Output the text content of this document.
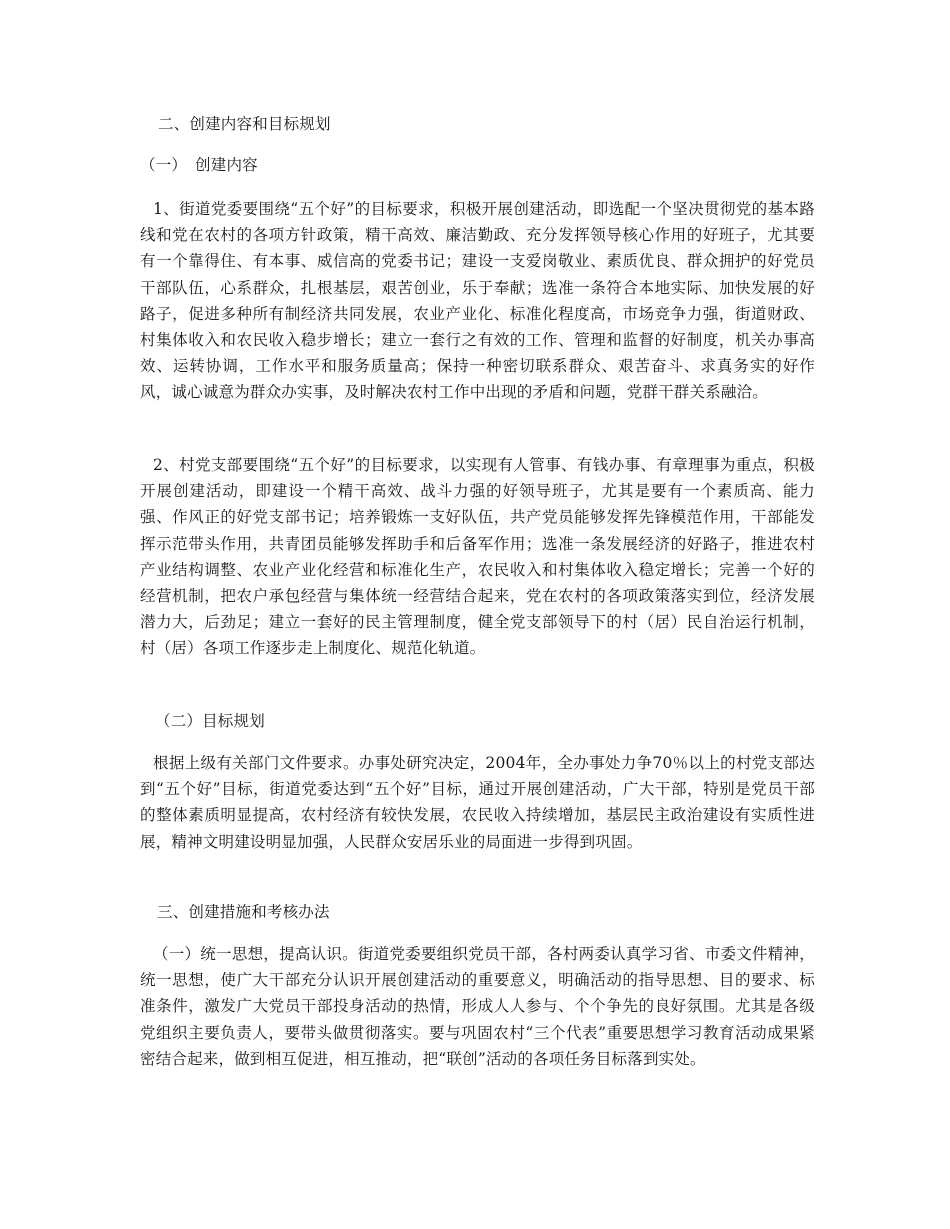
二、创建内容和目标规划

（一）　创建内容

1、街道党委要围绕“五个好”的目标要求，积极开展创建活动，即选配一个坚决贯彻党的基本路线和党在农村的各项方针政策，精干高效、廉洁勤政、充分发挥领导核心作用的好班子，尤其要有一个靠得住、有本事、威信高的党委书记；建设一支爱岗敬业、素质优良、群众拥护的好党员干部队伍，心系群众，扎根基层，艰苦创业，乐于奉献；选准一条符合本地实际、加快发展的好路子，促进多种所有制经济共同发展，农业产业化、标准化程度高，市场竞争力强，街道财政、村集体收入和农民收入稳步增长；建立一套行之有效的工作、管理和监督的好制度，机关办事高效、运转协调，工作水平和服务质量高；保持一种密切联系群众、艰苦奋斗、求真务实的好作风，诚心诚意为群众办实事，及时解决农村工作中出现的矛盾和问题，党群干群关系融洽。

2、村党支部要围绕“五个好”的目标要求，以实现有人管事、有钱办事、有章理事为重点，积极开展创建活动，即建设一个精干高效、战斗力强的好领导班子，尤其是要有一个素质高、能力强、作风正的好党支部书记；培养锻炼一支好队伍，共产党员能够发挥先锋模范作用，干部能发挥示范带头作用，共青团员能够发挥助手和后备军作用；选准一条发展经济的好路子，推进农村产业结构调整、农业产业化经营和标准化生产，农民收入和村集体收入稳定增长；完善一个好的经营机制，把农户承包经营与集体统一经营结合起来，党在农村的各项政策落实到位，经济发展潜力大，后劲足；建立一套好的民主管理制度，健全党支部领导下的村（居）民自治运行机制，村（居）各项工作逐步走上制度化、规范化轨道。

（二）目标规划

根据上级有关部门文件要求。办事处研究决定，2004年，全办事处力争70％以上的村党支部达到“五个好”目标，街道党委达到“五个好”目标，通过开展创建活动，广大干部，特别是党员干部的整体素质明显提高，农村经济有较快发展，农民收入持续增加，基层民主政治建设有实质性进展，精神文明建设明显加强，人民群众安居乐业的局面进一步得到巩固。

三、创建措施和考核办法

（一）统一思想，提高认识。街道党委要组织党员干部，各村两委认真学习省、市委文件精神，统一思想，使广大干部充分认识开展创建活动的重要意义，明确活动的指导思想、目的要求、标准条件，激发广大党员干部投身活动的热情，形成人人参与、个个争先的良好氛围。尤其是各级党组织主要负责人，要带头做贯彻落实。要与巩固农村“三个代表”重要思想学习教育活动成果紧密结合起来，做到相互促进，相互推动，把“联创”活动的各项任务目标落到实处。
